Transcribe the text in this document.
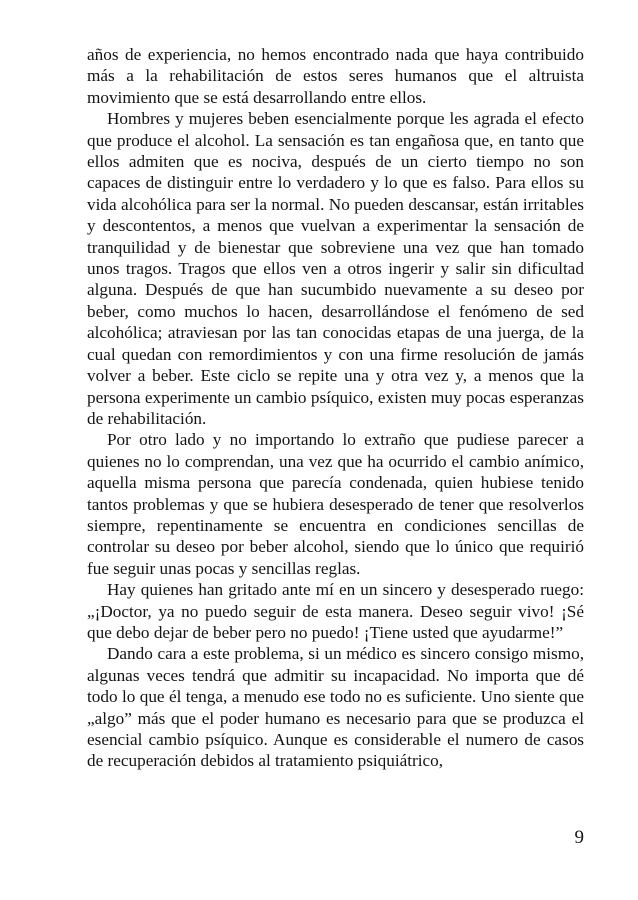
años de experiencia, no hemos encontrado nada que haya contribuido más a la rehabilitación de estos seres humanos que el altruista movimiento que se está desarrollando entre ellos.

Hombres y mujeres beben esencialmente porque les agrada el efecto que produce el alcohol. La sensación es tan engañosa que, en tanto que ellos admiten que es nociva, después de un cierto tiempo no son capaces de distinguir entre lo verdadero y lo que es falso. Para ellos su vida alcohólica para ser la normal. No pueden descansar, están irritables y descontentos, a menos que vuelvan a experimentar la sensación de tranquilidad y de bienestar que sobreviene una vez que han tomado unos tragos. Tragos que ellos ven a otros ingerir y salir sin dificultad alguna. Después de que han sucumbido nuevamente a su deseo por beber, como muchos lo hacen, desarrollándose el fenómeno de sed alcohólica; atraviesan por las tan conocidas etapas de una juerga, de la cual quedan con remordimientos y con una firme resolución de jamás volver a beber. Este ciclo se repite una y otra vez y, a menos que la persona experimente un cambio psíquico, existen muy pocas esperanzas de rehabilitación.

Por otro lado y no importando lo extraño que pudiese parecer a quienes no lo comprendan, una vez que ha ocurrido el cambio anímico, aquella misma persona que parecía condenada, quien hubiese tenido tantos problemas y que se hubiera desesperado de tener que resolverlos siempre, repentinamente se encuentra en condiciones sencillas de controlar su deseo por beber alcohol, siendo que lo único que requirió fue seguir unas pocas y sencillas reglas.

Hay quienes han gritado ante mí en un sincero y desesperado ruego: „¡Doctor, ya no puedo seguir de esta manera. Deseo seguir vivo! ¡Sé que debo dejar de beber pero no puedo! ¡Tiene usted que ayudarme!”

Dando cara a este problema, si un médico es sincero consigo mismo, algunas veces tendrá que admitir su incapacidad. No importa que dé todo lo que él tenga, a menudo ese todo no es suficiente. Uno siente que „algo” más que el poder humano es necesario para que se produzca el esencial cambio psíquico. Aunque es considerable el numero de casos de recuperación debidos al tratamiento psiquiátrico,

9
